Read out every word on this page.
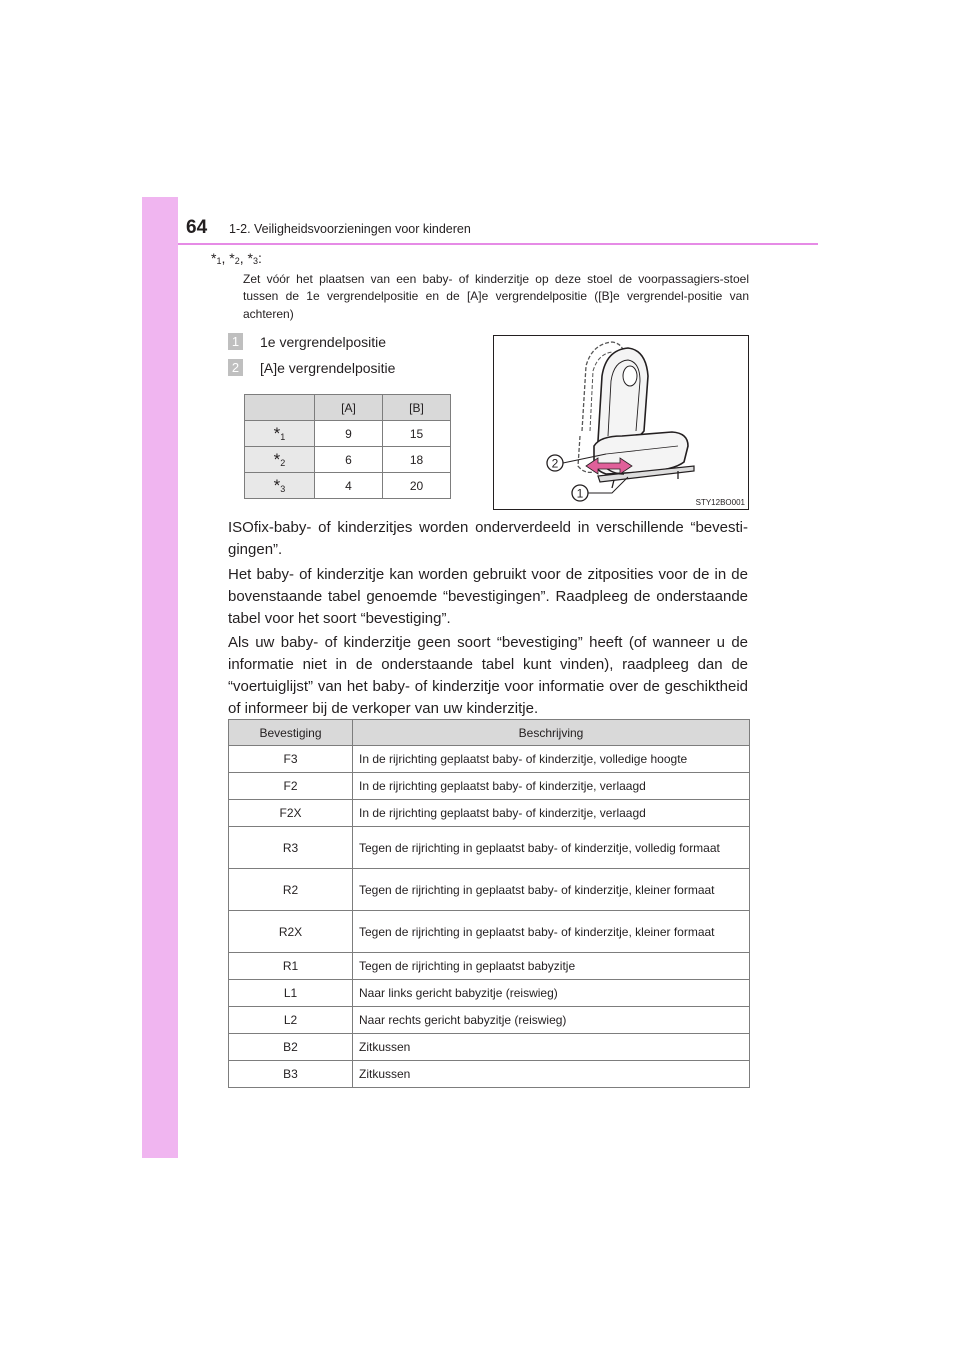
64 1-2. Veiligheidsvoorzieningen voor kinderen
$*_1$, $*_2$, $*_3$:
Zet vóór het plaatsen van een baby- of kinderzitje op deze stoel de voorpassagiers-stoel tussen de 1e vergrendelpositie en de [A]e vergrendelpositie ([B]e vergrendel-positie van achteren)
1 1e vergrendelpositie
2 [A]e vergrendelpositie
	[A]	[B]
$*_1$	9	15
$*_2$	6	18
$*_3$	4	20
2
1
STY12BO001
ISOfix-baby- of kinderzitjes worden onderverdeeld in verschillende “bevesti-gingen”.
Het baby- of kinderzitje kan worden gebruikt voor de zitposities voor de in de bovenstaande tabel genoemde “bevestigingen”. Raadpleeg de onderstaande tabel voor het soort “bevestiging”.
Als uw baby- of kinderzitje geen soort “bevestiging” heeft (of wanneer u de informatie niet in de onderstaande tabel kunt vinden), raadpleeg dan de “voertuiglijst” van het baby- of kinderzitje voor informatie over de geschiktheid of informeer bij de verkoper van uw kinderzitje.
Bevestiging	Beschrijving
F3	In de rijrichting geplaatst baby- of kinderzitje, volledige hoogte
F2	In de rijrichting geplaatst baby- of kinderzitje, verlaagd
F2X	In de rijrichting geplaatst baby- of kinderzitje, verlaagd
R3	Tegen de rijrichting in geplaatst baby- of kinderzitje, volledig formaat
R2	Tegen de rijrichting in geplaatst baby- of kinderzitje, kleiner formaat
R2X	Tegen de rijrichting in geplaatst baby- of kinderzitje, kleiner formaat
R1	Tegen de rijrichting in geplaatst babyzitje
L1	Naar links gericht babyzitje (reiswieg)
L2	Naar rechts gericht babyzitje (reiswieg)
B2	Zitkussen
B3	Zitkussen
